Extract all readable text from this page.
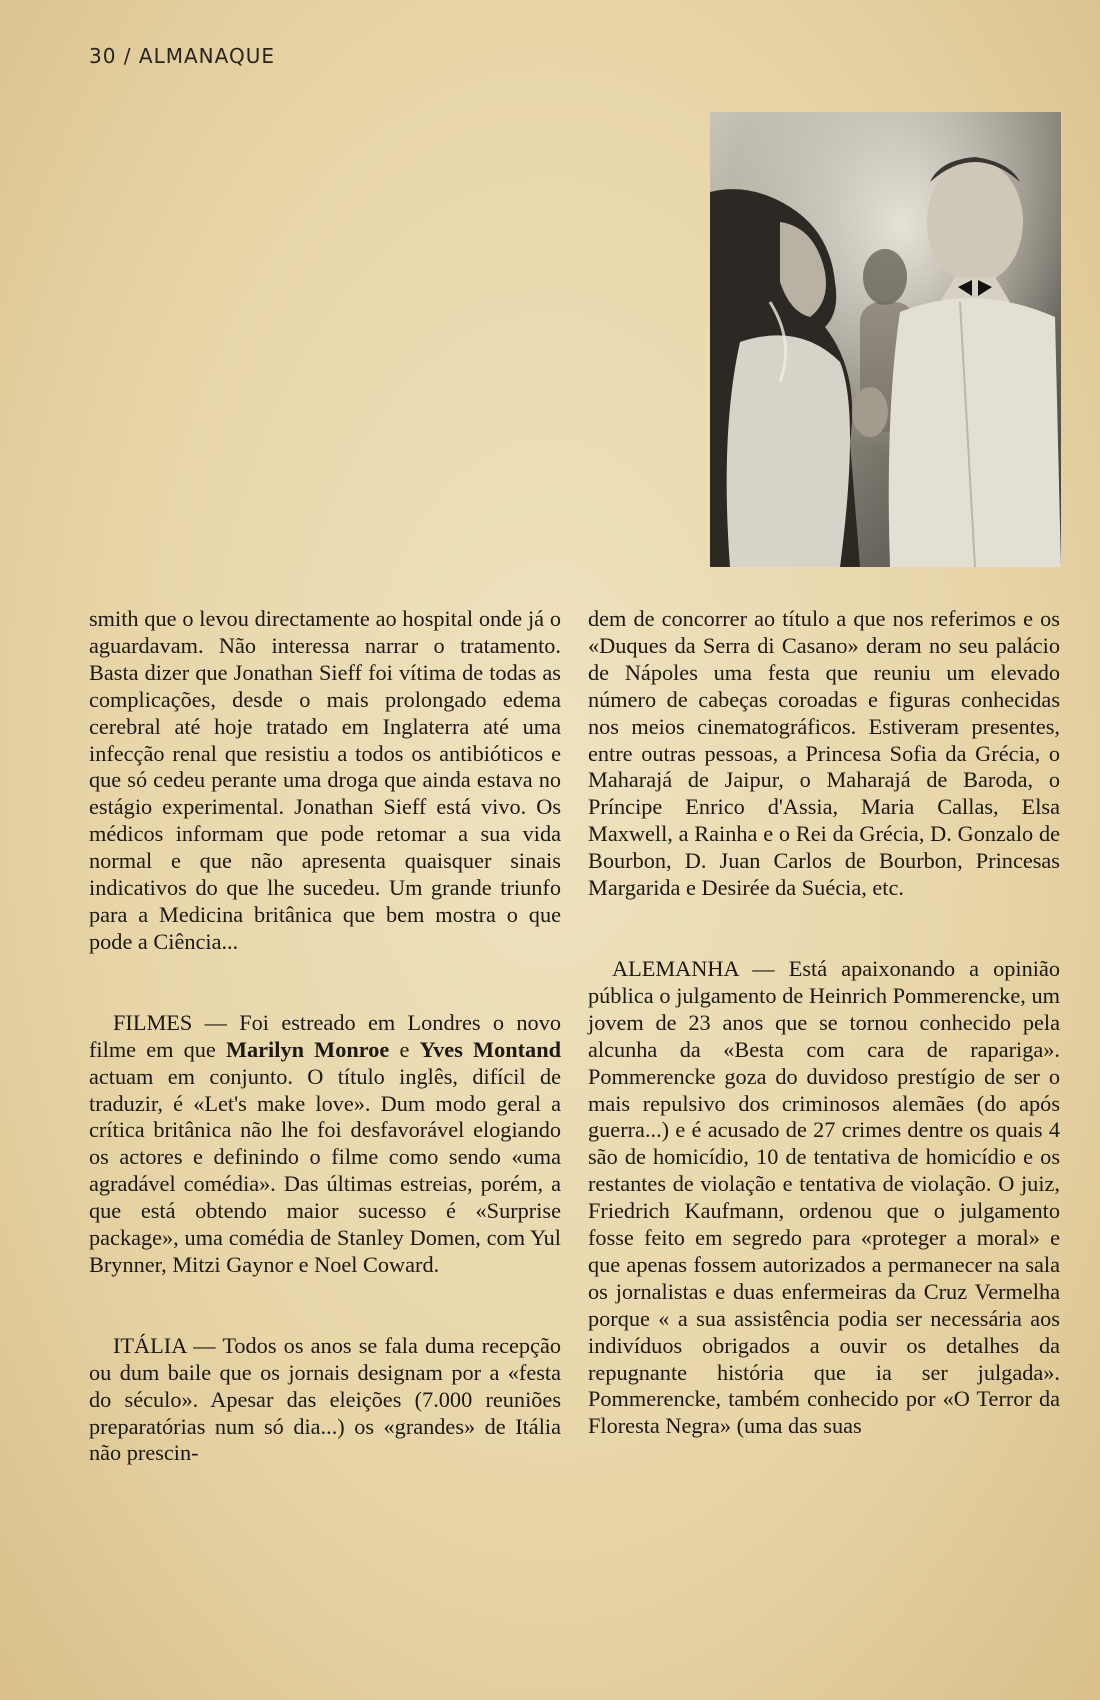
30 / ALMANAQUE

smith que o levou directamente ao hospital onde já o aguardavam. Não interessa narrar o tratamento. Basta dizer que Jonathan Sieff foi vítima de todas as complicações, desde o mais prolongado edema cerebral até hoje tratado em Inglaterra até uma infecção renal que resistiu a todos os antibióticos e que só cedeu perante uma droga que ainda estava no estágio experimental. Jonathan Sieff está vivo. Os médicos informam que pode retomar a sua vida normal e que não apresenta quaisquer sinais indicativos do que lhe sucedeu. Um grande triunfo para a Medicina britânica que bem mostra o que pode a Ciência...

FILMES — Foi estreado em Londres o novo filme em que Marilyn Monroe e Yves Montand actuam em conjunto. O título inglês, difícil de traduzir, é «Let's make love». Dum modo geral a crítica britânica não lhe foi desfavorável elogiando os actores e definindo o filme como sendo «uma agradável comédia». Das últimas estreias, porém, a que está obtendo maior sucesso é «Surprise package», uma comédia de Stanley Domen, com Yul Brynner, Mitzi Gaynor e Noel Coward.

ITÁLIA — Todos os anos se fala duma recepção ou dum baile que os jornais designam por a «festa do século». Apesar das eleições (7.000 reuniões preparatórias num só dia...) os «grandes» de Itália não prescin-

dem de concorrer ao título a que nos referimos e os «Duques da Serra di Casano» deram no seu palácio de Nápoles uma festa que reuniu um elevado número de cabeças coroadas e figuras conhecidas nos meios cinematográficos. Estiveram presentes, entre outras pessoas, a Princesa Sofia da Grécia, o Maharajá de Jaipur, o Maharajá de Baroda, o Príncipe Enrico d'Assia, Maria Callas, Elsa Maxwell, a Rainha e o Rei da Grécia, D. Gonzalo de Bourbon, D. Juan Carlos de Bourbon, Princesas Margarida e Desirée da Suécia, etc.

ALEMANHA — Está apaixonando a opinião pública o julgamento de Heinrich Pommerencke, um jovem de 23 anos que se tornou conhecido pela alcunha da «Besta com cara de rapariga». Pommerencke goza do duvidoso prestígio de ser o mais repulsivo dos criminosos alemães (do após guerra...) e é acusado de 27 crimes dentre os quais 4 são de homicídio, 10 de tentativa de homicídio e os restantes de violação e tentativa de violação. O juiz, Friedrich Kaufmann, ordenou que o julgamento fosse feito em segredo para «proteger a moral» e que apenas fossem autorizados a permanecer na sala os jornalistas e duas enfermeiras da Cruz Vermelha porque « a sua assistência podia ser necessária aos indivíduos obrigados a ouvir os detalhes da repugnante história que ia ser julgada». Pommerencke, também conhecido por «O Terror da Floresta Negra» (uma das suas
